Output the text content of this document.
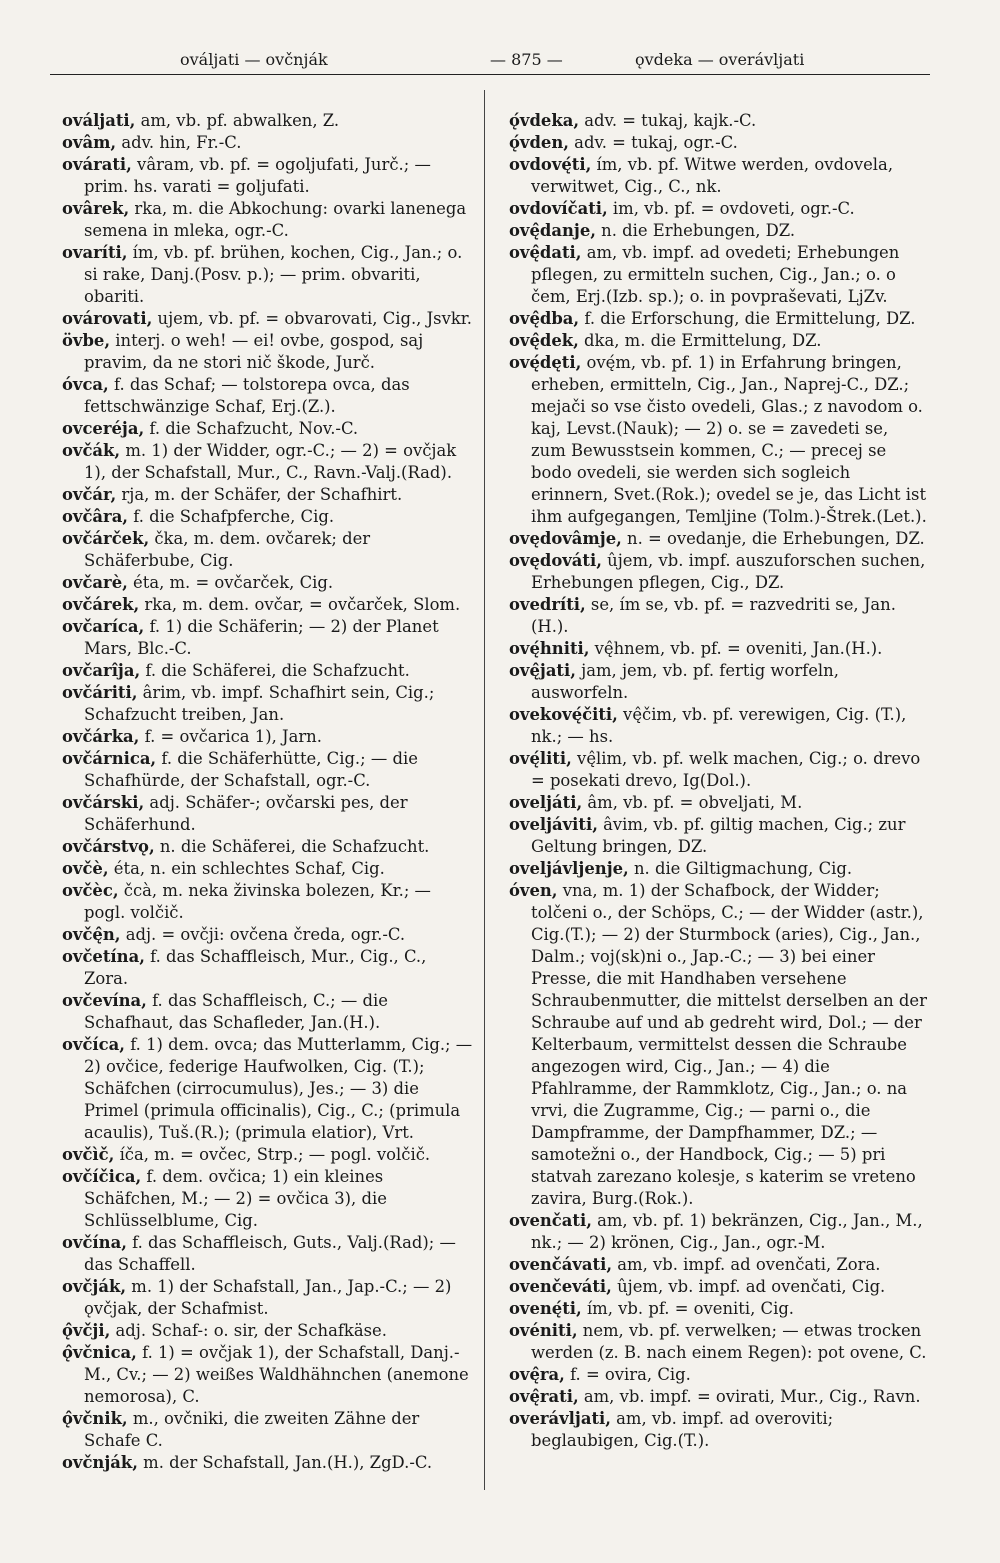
ováljati — ovčnják	— 875 —	ǫvdeka — overávljati

ováljati, am, vb. pf. abwalken, Z.

ovâm, adv. hin, Fr.-C.

ovárati, vâram, vb. pf. = ogoljufati, Jurč.; — prim. hs. varati = goljufati.

ovârek, rka, m. die Abkochung: ovarki lanenega semena in mleka, ogr.-C.

ovaríti, ím, vb. pf. brühen, kochen, Cig., Jan.; o. si rake, Danj.(Posv. p.); — prim. obvariti, obariti.

ovárovati, ujem, vb. pf. = obvarovati, Cig., Jsvkr.

övbe, interj. o weh! — ei! ovbe, gospod, saj pravim, da ne stori nič škode, Jurč.

óvca, f. das Schaf; — tolstorepa ovca, das fettschwänzige Schaf, Erj.(Z.).

ovceréja, f. die Schafzucht, Nov.-C.

ovčák, m. 1) der Widder, ogr.-C.; — 2) = ovčjak 1), der Schafstall, Mur., C., Ravn.-Valj.(Rad).

ovčár, rja, m. der Schäfer, der Schafhirt.

ovčâra, f. die Schafpferche, Cig.

ovčárček, čka, m. dem. ovčarek; der Schäferbube, Cig.

ovčarè, éta, m. = ovčarček, Cig.

ovčárek, rka, m. dem. ovčar, = ovčarček, Slom.

ovčaríca, f. 1) die Schäferin; — 2) der Planet Mars, Blc.-C.

ovčarîja, f. die Schäferei, die Schafzucht.

ovčáriti, ârim, vb. impf. Schafhirt sein, Cig.; Schafzucht treiben, Jan.

ovčárka, f. = ovčarica 1), Jarn.

ovčárnica, f. die Schäferhütte, Cig.; — die Schafhürde, der Schafstall, ogr.-C.

ovčárski, adj. Schäfer-; ovčarski pes, der Schäferhund.

ovčárstvǫ, n. die Schäferei, die Schafzucht.

ovčè, éta, n. ein schlechtes Schaf, Cig.

ovčèc, čcà, m. neka živinska bolezen, Kr.; — pogl. volčič.

ovčę̂n, adj. = ovčji: ovčena čreda, ogr.-C.

ovčetína, f. das Schaffleisch, Mur., Cig., C., Zora.

ovčevína, f. das Schaffleisch, C.; — die Schafhaut, das Schafleder, Jan.(H.).

ovčíca, f. 1) dem. ovca; das Mutterlamm, Cig.; — 2) ovčice, federige Haufwolken, Cig. (T.); Schäfchen (cirrocumulus), Jes.; — 3) die Primel (primula officinalis), Cig., C.; (primula acaulis), Tuš.(R.); (primula elatior), Vrt.

ovčìč, íča, m. = ovčec, Strp.; — pogl. volčič.

ovčíčica, f. dem. ovčica; 1) ein kleines Schäfchen, M.; — 2) = ovčica 3), die Schlüsselblume, Cig.

ovčína, f. das Schaffleisch, Guts., Valj.(Rad); — das Schaffell.

ovčják, m. 1) der Schafstall, Jan., Jap.-C.; — 2) ǫvčjak, der Schafmist.

ǫ̂včji, adj. Schaf-: o. sir, der Schafkäse.

ǫ̂včnica, f. 1) = ovčjak 1), der Schafstall, Danj.-M., Cv.; — 2) weißes Waldhähnchen (anemone nemorosa), C.

ǫ̂včnik, m., ovčniki, die zweiten Zähne der Schafe C.

ovčnják, m. der Schafstall, Jan.(H.), ZgD.-C.

ǫ́vdeka, adv. = tukaj, kajk.-C.

ǫ́vden, adv. = tukaj, ogr.-C.

ovdovę́ti, ím, vb. pf. Witwe werden, ovdovela, verwitwet, Cig., C., nk.

ovdovíčati, im, vb. pf. = ovdoveti, ogr.-C.

ovę̂danje, n. die Erhebungen, DZ.

ovę̂dati, am, vb. impf. ad ovedeti; Erhebungen pflegen, zu ermitteln suchen, Cig., Jan.; o. o čem, Erj.(Izb. sp.); o. in povpraševati, LjZv.

ovę̂dba, f. die Erforschung, die Ermittelung, DZ.

ovę̂dek, dka, m. die Ermittelung, DZ.

ovę́dęti, ovę́m, vb. pf. 1) in Erfahrung bringen, erheben, ermitteln, Cig., Jan., Naprej-C., DZ.; mejači so vse čisto ovedeli, Glas.; z navodom o. kaj, Levst.(Nauk); — 2) o. se = zavedeti se, zum Bewusstsein kommen, C.; — precej se bodo ovedeli, sie werden sich sogleich erinnern, Svet.(Rok.); ovedel se je, das Licht ist ihm aufgegangen, Temljine (Tolm.)-Štrek.(Let.).

ovędovâmje, n. = ovedanje, die Erhebungen, DZ.

ovędováti, ûjem, vb. impf. auszuforschen suchen, Erhebungen pflegen, Cig., DZ.

ovedríti, se, ím se, vb. pf. = razvedriti se, Jan.(H.).

ovę́hniti, vę̂hnem, vb. pf. = oveniti, Jan.(H.).

ovę̂jati, jam, jem, vb. pf. fertig worfeln, ausworfeln.

ovekovę́čiti, vę̂čim, vb. pf. verewigen, Cig. (T.), nk.; — hs.

ovę́liti, vę̂lim, vb. pf. welk machen, Cig.; o. drevo = posekati drevo, Ig(Dol.).

oveljáti, âm, vb. pf. = obveljati, M.

oveljáviti, âvim, vb. pf. giltig machen, Cig.; zur Geltung bringen, DZ.

oveljávljenje, n. die Giltigmachung, Cig.

óven, vna, m. 1) der Schafbock, der Widder; tolčeni o., der Schöps, C.; — der Widder (astr.), Cig.(T.); — 2) der Sturmbock (aries), Cig., Jan., Dalm.; voj(sk)ni o., Jap.-C.; — 3) bei einer Presse, die mit Handhaben versehene Schraubenmutter, die mittelst derselben an der Schraube auf und ab gedreht wird, Dol.; — der Kelterbaum, vermittelst dessen die Schraube angezogen wird, Cig., Jan.; — 4) die Pfahlramme, der Rammklotz, Cig., Jan.; o. na vrvi, die Zugramme, Cig.; — parni o., die Dampframme, der Dampfhammer, DZ.; — samotežni o., der Handbock, Cig.; — 5) pri statvah zarezano kolesje, s katerim se vreteno zavira, Burg.(Rok.).

ovenčati, am, vb. pf. 1) bekränzen, Cig., Jan., M., nk.; — 2) krönen, Cig., Jan., ogr.-M.

ovenčávati, am, vb. impf. ad ovenčati, Zora.

ovenčeváti, ûjem, vb. impf. ad ovenčati, Cig.

ovenę́ti, ím, vb. pf. = oveniti, Cig.

ovéniti, nem, vb. pf. verwelken; — etwas trocken werden (z. B. nach einem Regen): pot ovene, C.

ovę̂ra, f. = ovira, Cig.

ovę̂rati, am, vb. impf. = ovirati, Mur., Cig., Ravn.

overávljati, am, vb. impf. ad overoviti; beglaubigen, Cig.(T.).
